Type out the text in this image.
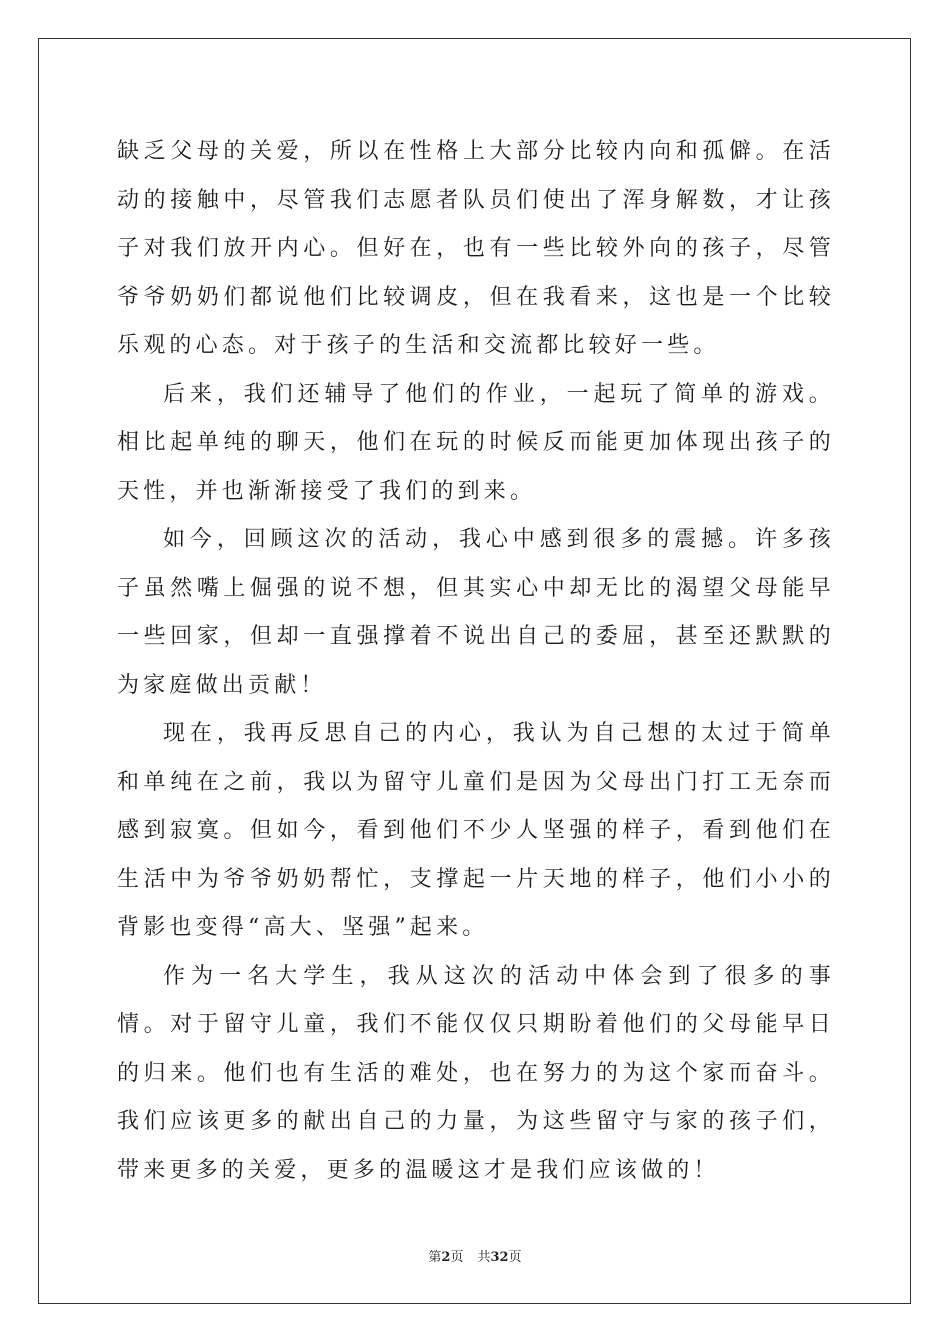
缺乏父母的关爱，所以在性格上大部分比较内向和孤僻。在活动的接触中，尽管我们志愿者队员们使出了浑身解数，才让孩子对我们放开内心。但好在，也有一些比较外向的孩子，尽管爷爷奶奶们都说他们比较调皮，但在我看来，这也是一个比较乐观的心态。对于孩子的生活和交流都比较好一些。

后来，我们还辅导了他们的作业，一起玩了简单的游戏。相比起单纯的聊天，他们在玩的时候反而能更加体现出孩子的天性，并也渐渐接受了我们的到来。

如今，回顾这次的活动，我心中感到很多的震撼。许多孩子虽然嘴上倔强的说不想，但其实心中却无比的渴望父母能早一些回家，但却一直强撑着不说出自己的委屈，甚至还默默的为家庭做出贡献！

现在，我再反思自己的内心，我认为自己想的太过于简单和单纯在之前，我以为留守儿童们是因为父母出门打工无奈而感到寂寞。但如今，看到他们不少人坚强的样子，看到他们在生活中为爷爷奶奶帮忙，支撑起一片天地的样子，他们小小的背影也变得“高大、坚强”起来。

作为一名大学生，我从这次的活动中体会到了很多的事情。对于留守儿童，我们不能仅仅只期盼着他们的父母能早日的归来。他们也有生活的难处，也在努力的为这个家而奋斗。我们应该更多的献出自己的力量，为这些留守与家的孩子们，带来更多的关爱，更多的温暖这才是我们应该做的！

第2页 共32页
